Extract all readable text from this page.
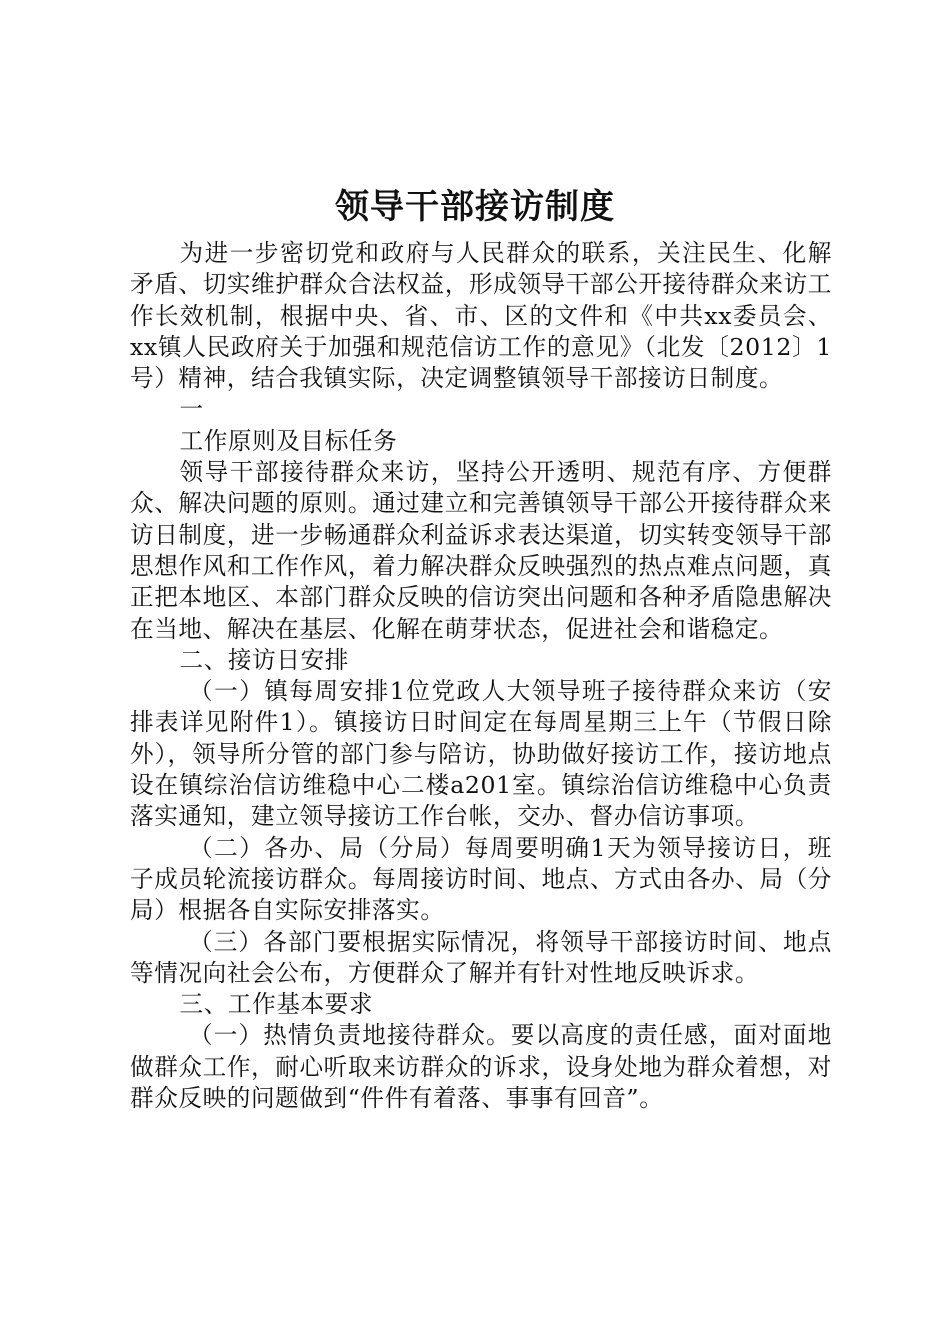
领导干部接访制度

为进一步密切党和政府与人民群众的联系，关注民生、化解矛盾、切实维护群众合法权益，形成领导干部公开接待群众来访工作长效机制，根据中央、省、市、区的文件和《中共xx委员会、xx镇人民政府关于加强和规范信访工作的意见》（北发〔2012〕1号）精神，结合我镇实际，决定调整镇领导干部接访日制度。

一

工作原则及目标任务

领导干部接待群众来访，坚持公开透明、规范有序、方便群众、解决问题的原则。通过建立和完善镇领导干部公开接待群众来访日制度，进一步畅通群众利益诉求表达渠道，切实转变领导干部思想作风和工作作风，着力解决群众反映强烈的热点难点问题，真正把本地区、本部门群众反映的信访突出问题和各种矛盾隐患解决在当地、解决在基层、化解在萌芽状态，促进社会和谐稳定。

二、接访日安排

（一）镇每周安排1位党政人大领导班子接待群众来访（安排表详见附件1）。镇接访日时间定在每周星期三上午（节假日除外），领导所分管的部门参与陪访，协助做好接访工作，接访地点设在镇综治信访维稳中心二楼a201室。镇综治信访维稳中心负责落实通知，建立领导接访工作台帐，交办、督办信访事项。

（二）各办、局（分局）每周要明确1天为领导接访日，班子成员轮流接访群众。每周接访时间、地点、方式由各办、局（分局）根据各自实际安排落实。

（三）各部门要根据实际情况，将领导干部接访时间、地点等情况向社会公布，方便群众了解并有针对性地反映诉求。

三、工作基本要求

（一）热情负责地接待群众。要以高度的责任感，面对面地做群众工作，耐心听取来访群众的诉求，设身处地为群众着想，对群众反映的问题做到“件件有着落、事事有回音”。
